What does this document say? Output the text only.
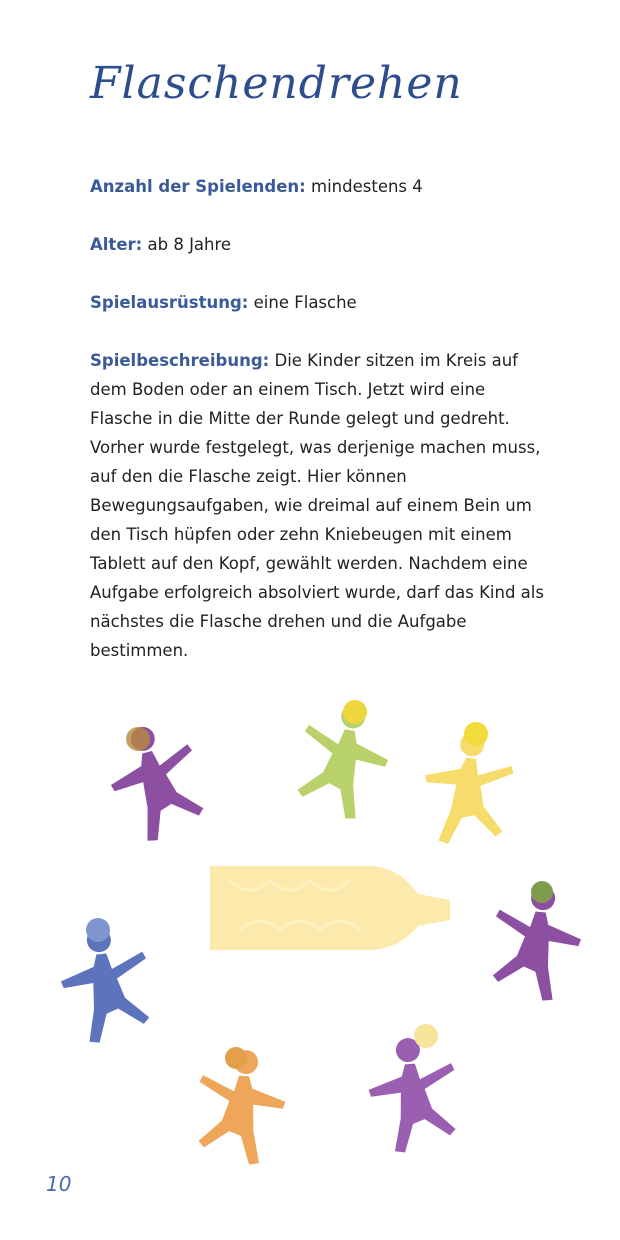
Flaschendrehen

Anzahl der Spielenden: mindestens 4

Alter: ab 8 Jahre

Spielausrüstung: eine Flasche

Spielbeschreibung: Die Kinder sitzen im Kreis auf dem Boden oder an einem Tisch. Jetzt wird eine Flasche in die Mitte der Runde gelegt und gedreht. Vorher wurde festgelegt, was derjenige machen muss, auf den die Flasche zeigt. Hier können Bewegungsaufgaben, wie dreimal auf einem Bein um den Tisch hüpfen oder zehn Kniebeugen mit einem Tablett auf den Kopf, gewählt werden. Nachdem eine Aufgabe erfolgreich absolviert wurde, darf das Kind als nächstes die Flasche drehen und die Aufgabe bestimmen.

10
